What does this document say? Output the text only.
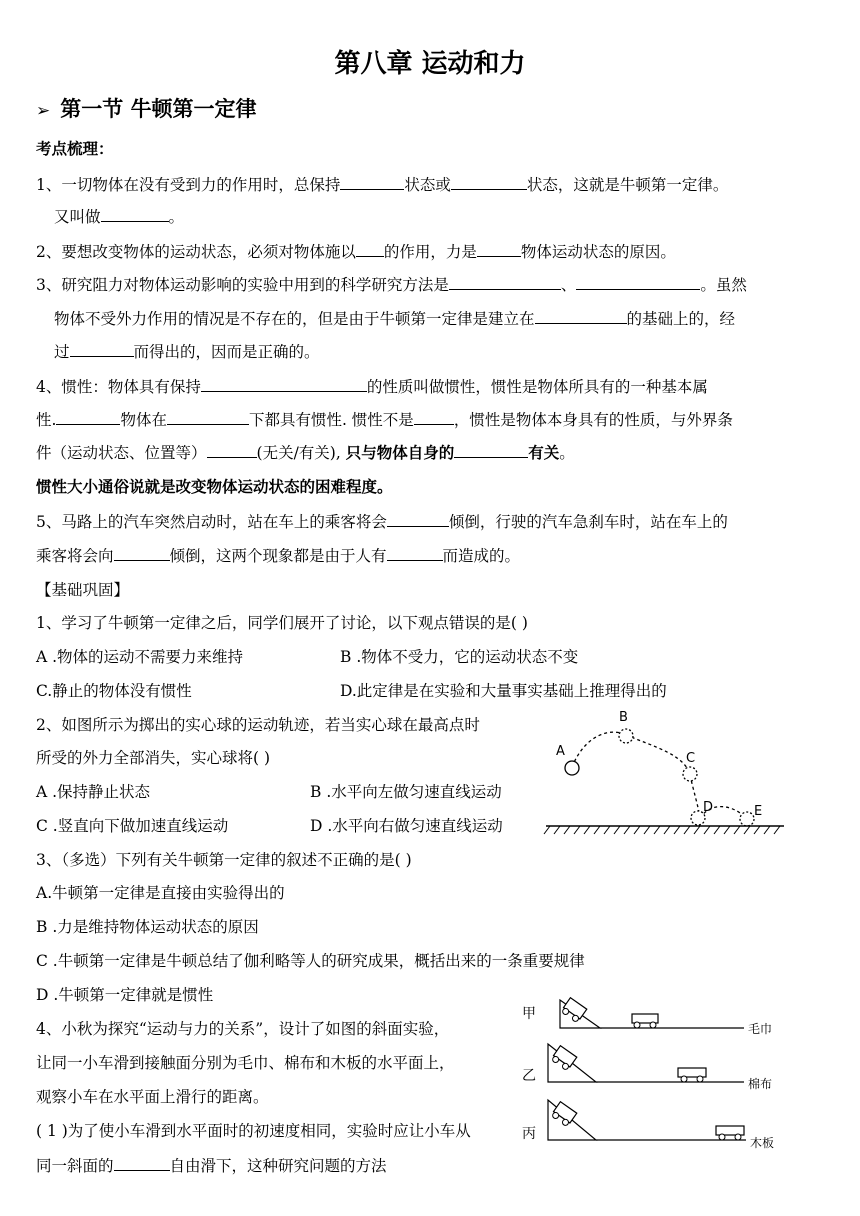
第八章 运动和力
➢ 第一节 牛顿第一定律
考点梳理：
1、一切物体在没有受到力的作用时，总保持	状态或	状态，这就是牛顿第一定律。
又叫做	。
2、要想改变物体的运动状态，必须对物体施以 的作用，力是	物体运动状态的原因。
3、研究阻力对物体运动影响的实验中用到的科学研究方法是	、	。虽然
物体不受外力作用的情况是不存在的，但是由于牛顿第一定律是建立在	的基础上的，经
过	而得出的，因而是正确的。
4、惯性：物体具有保持	的性质叫做惯性，惯性是物体所具有的一种基本属
性.	物体在	下都具有惯性. 惯性不是	，惯性是物体本身具有的性质，与外界条
件（运动状态、位置等）	(无关/有关), 只与物体自身的	有关。
惯性大小通俗说就是改变物体运动状态的困难程度。
5、马路上的汽车突然启动时，站在车上的乘客将会	倾倒，行驶的汽车急刹车时，站在车上的
乘客将会向	倾倒，这两个现象都是由于人有	而造成的。
【基础巩固】
1、学习了牛顿第一定律之后，同学们展开了讨论，以下观点错误的是( )
A .物体的运动不需要力来维持	B .物体不受力，它的运动状态不变
C.静止的物体没有惯性	D.此定律是在实验和大量事实基础上推理得出的
2、如图所示为掷出的实心球的运动轨迹，若当实心球在最高点时
所受的外力全部消失，实心球将( )
A .保持静止状态	B .水平向左做匀速直线运动
C .竖直向下做加速直线运动	D .水平向右做匀速直线运动
A
B
C
D	E
3、（多选）下列有关牛顿第一定律的叙述不正确的是( )
A.牛顿第一定律是直接由实验得出的
B .力是维持物体运动状态的原因
C .牛顿第一定律是牛顿总结了伽利略等人的研究成果，概括出来的一条重要规律
D .牛顿第一定律就是惯性
4、小秋为探究“运动与力的关系”，设计了如图的斜面实验，
让同一小车滑到接触面分别为毛巾、棉布和木板的水平面上，
观察小车在水平面上滑行的距离。
( 1 )为了使小车滑到水平面时的初速度相同，实验时应让小车从
同一斜面的	自由滑下，这种研究问题的方法
甲
毛巾
乙	棉布
丙
木板
